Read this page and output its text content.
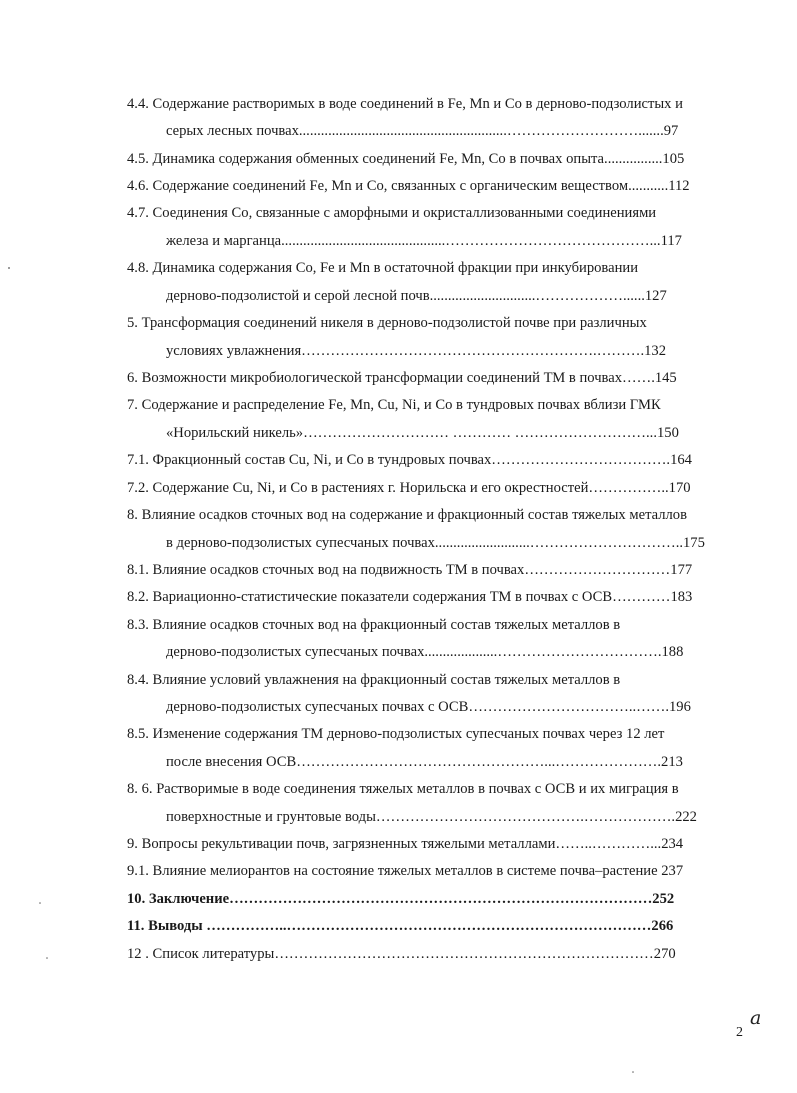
4.4. Содержание растворимых в воде соединений в Fe, Mn и Co в дерново-подзолистых и
серых лесных почвах.........................................................……………………….......97
4.5. Динамика содержания обменных соединений Fe, Mn, Co в почвах опыта................105
4.6. Содержание соединений Fe, Mn и Co, связанных с органическим веществом...........112
4.7. Соединения Co, связанные с аморфными и окристаллизованными соединениями
железа и марганца.............................................……………………………………...117
4.8. Динамика содержания Co, Fe и Mn в остаточной фракции при инкубировании
дерново-подзолистой и серой лесной почв.............................………………......127
5. Трансформация соединений никеля в дерново-подзолистой почве при различных
условиях увлажнения…………………………………………………….……….132
6. Возможности микробиологической трансформации соединений ТМ в почвах…….145
7. Содержание и распределение Fe, Mn, Cu, Ni, и Co в тундровых почвах вблизи ГМК
«Норильский никель»………………………… ………… ………………………...150
7.1. Фракционный состав Cu, Ni, и Co в тундровых почвах……………………………….164
7.2. Содержание Cu, Ni, и Co в растениях г. Норильска и его окрестностей……………..170
8. Влияние осадков сточных вод на содержание и фракционный состав тяжелых металлов
в дерново-подзолистых супесчаных почвах..........................…………………………..175
8.1. Влияние осадков сточных вод на подвижность ТМ в почвах…………………………177
8.2. Вариационно-статистические показатели содержания ТМ в почвах с ОСВ…………183
8.3. Влияние осадков сточных вод на фракционный состав тяжелых металлов в
дерново-подзолистых супесчаных почвах....................…………………………….188
8.4. Влияние условий увлажнения на фракционный состав тяжелых металлов в
дерново-подзолистых супесчаных почвах с ОСВ……………………………..…….196
8.5. Изменение содержания ТМ дерново-подзолистых супесчаных почвах через 12 лет
после внесения ОСВ……………………………………………...………………….213
8. 6. Растворимые в воде соединения тяжелых металлов в почвах с ОСВ и их миграция в
поверхностные и грунтовые воды…………………………………….……………….222
9. Вопросы рекультивации почв, загрязненных тяжелыми металлами……..…………...234
9.1. Влияние мелиорантов на состояние тяжелых металлов в системе почва–растение 237
10. Заключение……………………………………………………………………………252
11. Выводы ……………..…………………………………………………………………266
12 . Список литературы……………………………………………………………………270
2
a
